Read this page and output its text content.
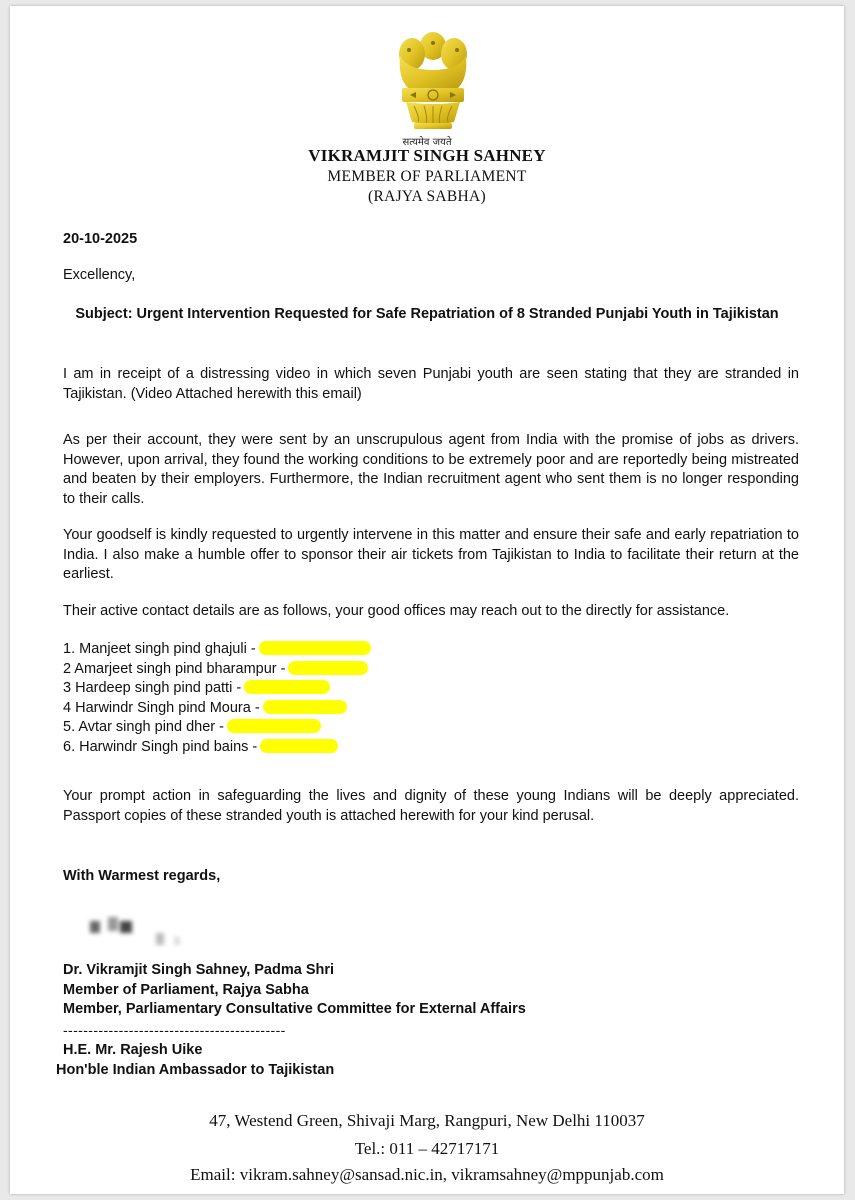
सत्यमेव जयते
VIKRAMJIT SINGH SAHNEY
MEMBER OF PARLIAMENT
(RAJYA SABHA)
20-10-2025
Excellency,
Subject: Urgent Intervention Requested for Safe Repatriation of 8 Stranded Punjabi Youth in Tajikistan
I am in receipt of a distressing video in which seven Punjabi youth are seen stating that they are stranded in Tajikistan. (Video Attached herewith this email)
As per their account, they were sent by an unscrupulous agent from India with the promise of jobs as drivers. However, upon arrival, they found the working conditions to be extremely poor and are reportedly being mistreated and beaten by their employers. Furthermore, the Indian recruitment agent who sent them is no longer responding to their calls.
Your goodself is kindly requested to urgently intervene in this matter and ensure their safe and early repatriation to India. I also make a humble offer to sponsor their air tickets from Tajikistan to India to facilitate their return at the earliest.
Their active contact details are as follows, your good offices may reach out to the directly for assistance.
1. Manjeet singh pind ghajuli -
2 Amarjeet singh pind bharampur -
3 Hardeep singh pind patti -
4 Harwindr Singh pind Moura -
5. Avtar singh pind dher -
6. Harwindr Singh pind bains -
Your prompt action in safeguarding the lives and dignity of these young Indians will be deeply appreciated. Passport copies of these stranded youth is attached herewith for your kind perusal.
With Warmest regards,
Dr. Vikramjit Singh Sahney, Padma Shri
Member of Parliament, Rajya Sabha
Member, Parliamentary Consultative Committee for External Affairs
--------------------------------------------
H.E. Mr. Rajesh Uike
Hon'ble Indian Ambassador to Tajikistan
47, Westend Green, Shivaji Marg, Rangpuri, New Delhi 110037
Tel.: 011 – 42717171
Email: vikram.sahney@sansad.nic.in, vikramsahney@mppunjab.com
